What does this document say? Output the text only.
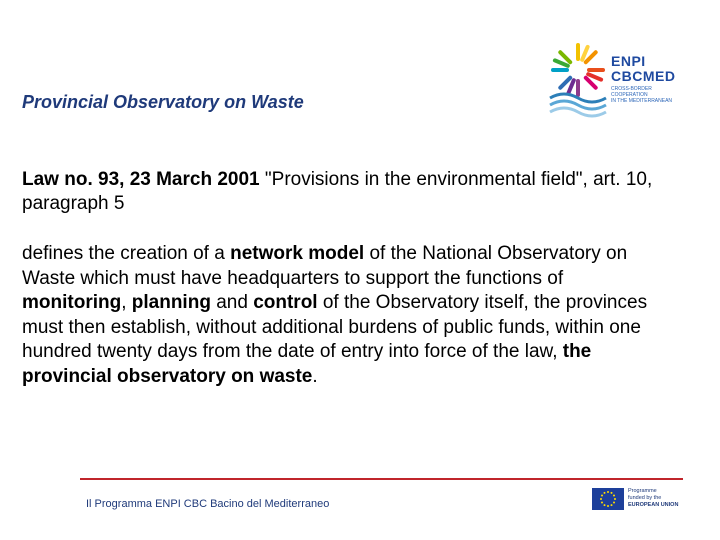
Provincial Observatory on Waste
ENPI
CBCMED
CROSS-BORDER COOPERATION
IN THE MEDITERRANEAN
Law no. 93, 23 March 2001 "Provisions in the environmental field", art. 10, paragraph 5
defines the creation of a network model of the National Observatory on Waste which must have headquarters to support the functions of monitoring, planning and control of the Observatory itself, the provinces must then establish, without additional burdens of public funds, within one hundred twenty days from the date of entry into force of the law, the provincial observatory on waste.
Il Programma ENPI CBC Bacino del Mediterraneo
Programme
funded by the
EUROPEAN UNION
